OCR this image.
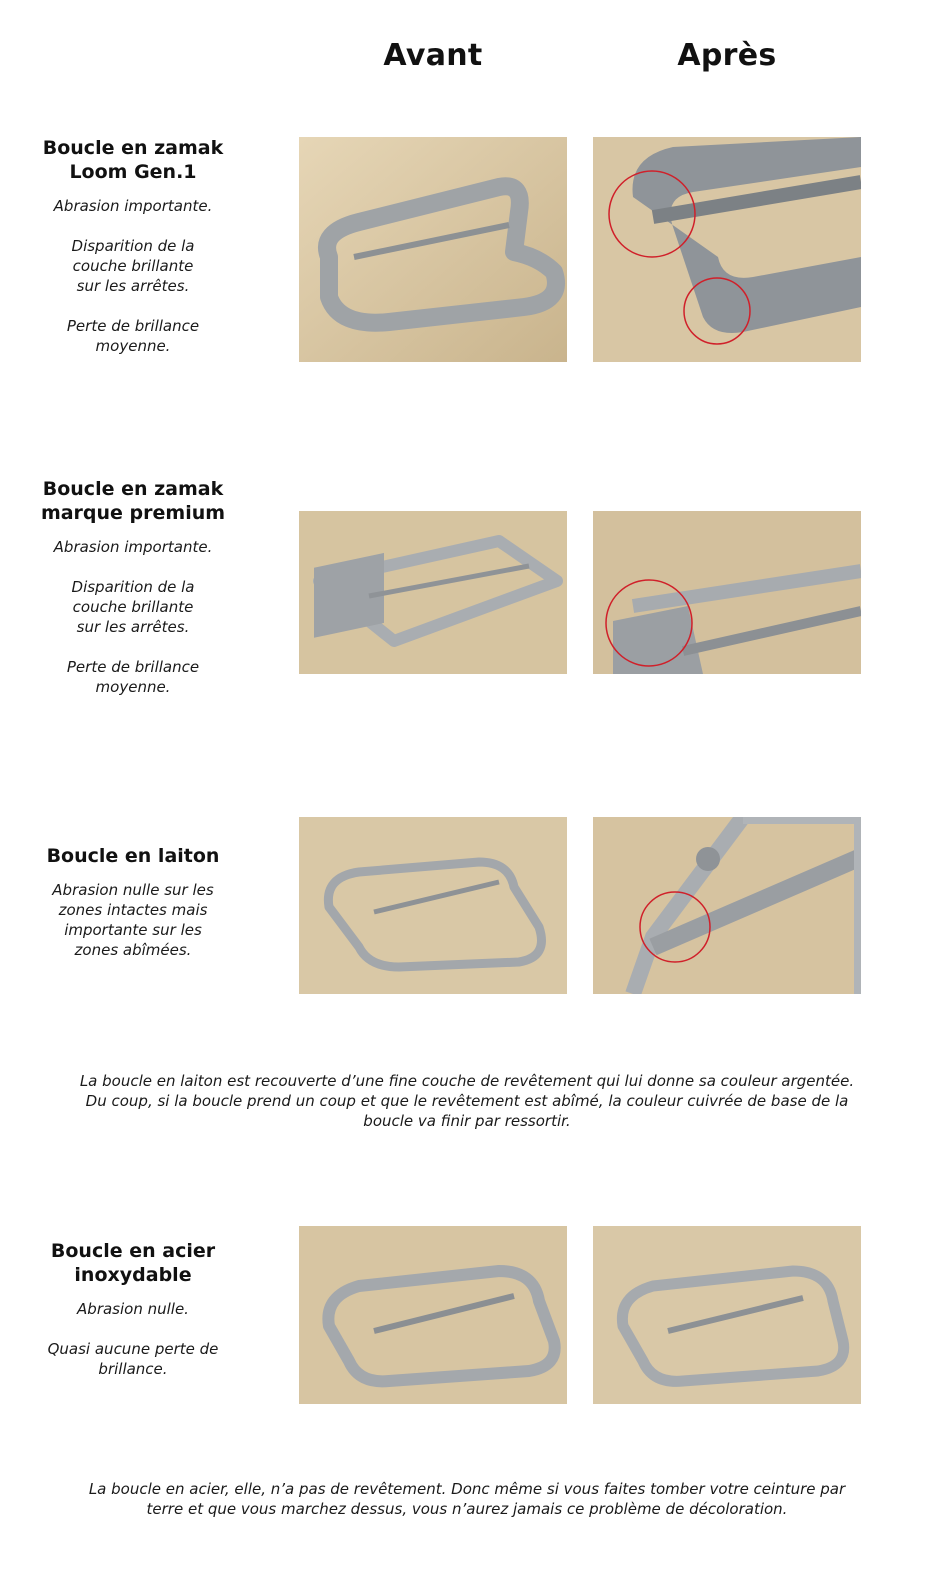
Avant	Après

Boucle en zamak
Loom Gen.1

Abrasion importante.

Disparition de la
couche brillante
sur les arrêtes.

Perte de brillance
moyenne.

Boucle en zamak
marque premium

Abrasion importante.

Disparition de la
couche brillante
sur les arrêtes.

Perte de brillance
moyenne.

Boucle en laiton

Abrasion nulle sur les
zones intactes mais
importante sur les
zones abîmées.

La boucle en laiton est recouverte d’une fine couche de revêtement qui lui donne sa couleur argentée.
Du coup, si la boucle prend un coup et que le revêtement est abîmé, la couleur cuivrée de base de la
boucle va finir par ressortir.

Boucle en acier
inoxydable

Abrasion nulle.

Quasi aucune perte de
brillance.

La boucle en acier, elle, n’a pas de revêtement. Donc même si vous faites tomber votre ceinture par
terre et que vous marchez dessus, vous n’aurez jamais ce problème de décoloration.
